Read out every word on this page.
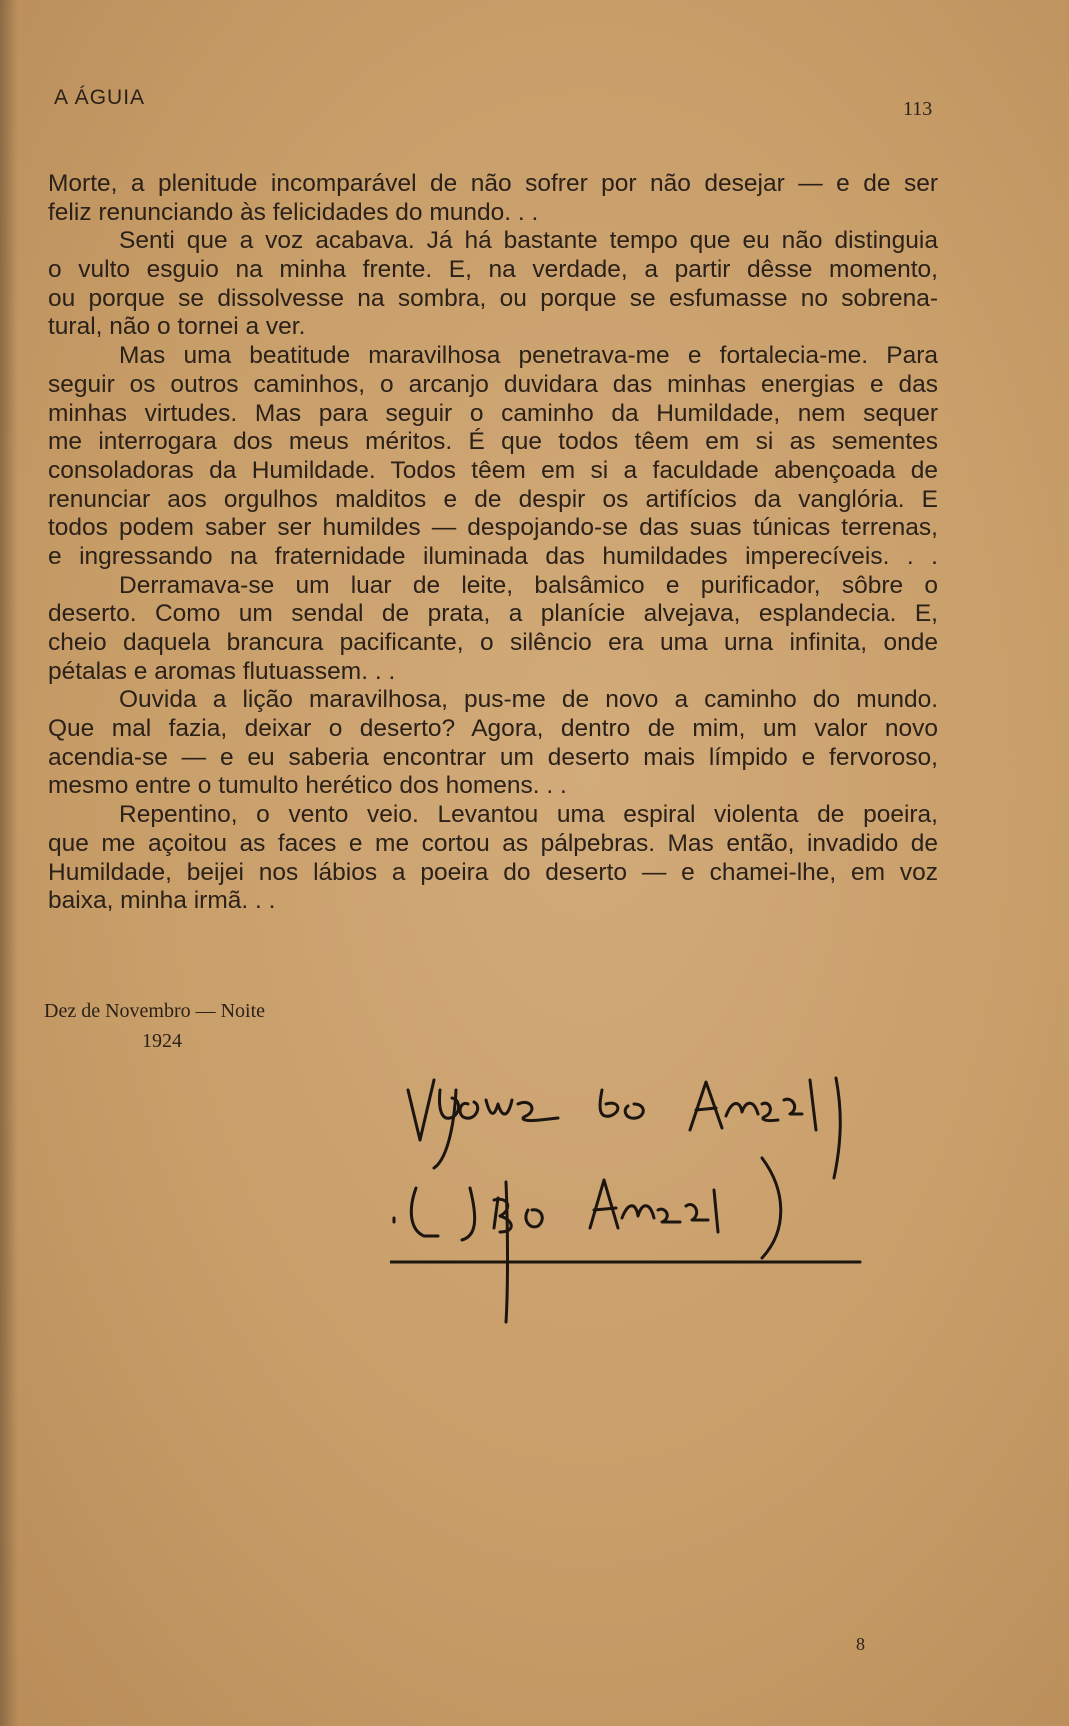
A ÁGUIA	113
Morte, a plenitude incomparável de não sofrer por não desejar — e de ser
feliz renunciando às felicidades do mundo. . .
Senti que a voz acabava. Já há bastante tempo que eu não distinguia
o vulto esguio na minha frente. E, na verdade, a partir dêsse momento,
ou porque se dissolvesse na sombra, ou porque se esfumasse no sobrena-
tural, não o tornei a ver.
Mas uma beatitude maravilhosa penetrava-me e fortalecia-me. Para
seguir os outros caminhos, o arcanjo duvidara das minhas energias e das
minhas virtudes. Mas para seguir o caminho da Humildade, nem sequer
me interrogara dos meus méritos. É que todos têem em si as sementes
consoladoras da Humildade. Todos têem em si a faculdade abençoada de
renunciar aos orgulhos malditos e de despir os artifícios da vanglória. E
todos podem saber ser humildes — despojando-se das suas túnicas terrenas,
e ingressando na fraternidade iluminada das humildades imperecíveis. . .
Derramava-se um luar de leite, balsâmico e purificador, sôbre o
deserto. Como um sendal de prata, a planície alvejava, esplandecia. E,
cheio daquela brancura pacificante, o silêncio era uma urna infinita, onde
pétalas e aromas flutuassem. . .
Ouvida a lição maravilhosa, pus-me de novo a caminho do mundo.
Que mal fazia, deixar o deserto? Agora, dentro de mim, um valor novo
acendia-se — e eu saberia encontrar um deserto mais límpido e fervoroso,
mesmo entre o tumulto herético dos homens. . .
Repentino, o vento veio. Levantou uma espiral violenta de poeira,
que me açoitou as faces e me cortou as pálpebras. Mas então, invadido de
Humildade, beijei nos lábios a poeira do deserto — e chamei-lhe, em voz
baixa, minha irmã. . .
Dez de Novembro — Noite
1924
8
